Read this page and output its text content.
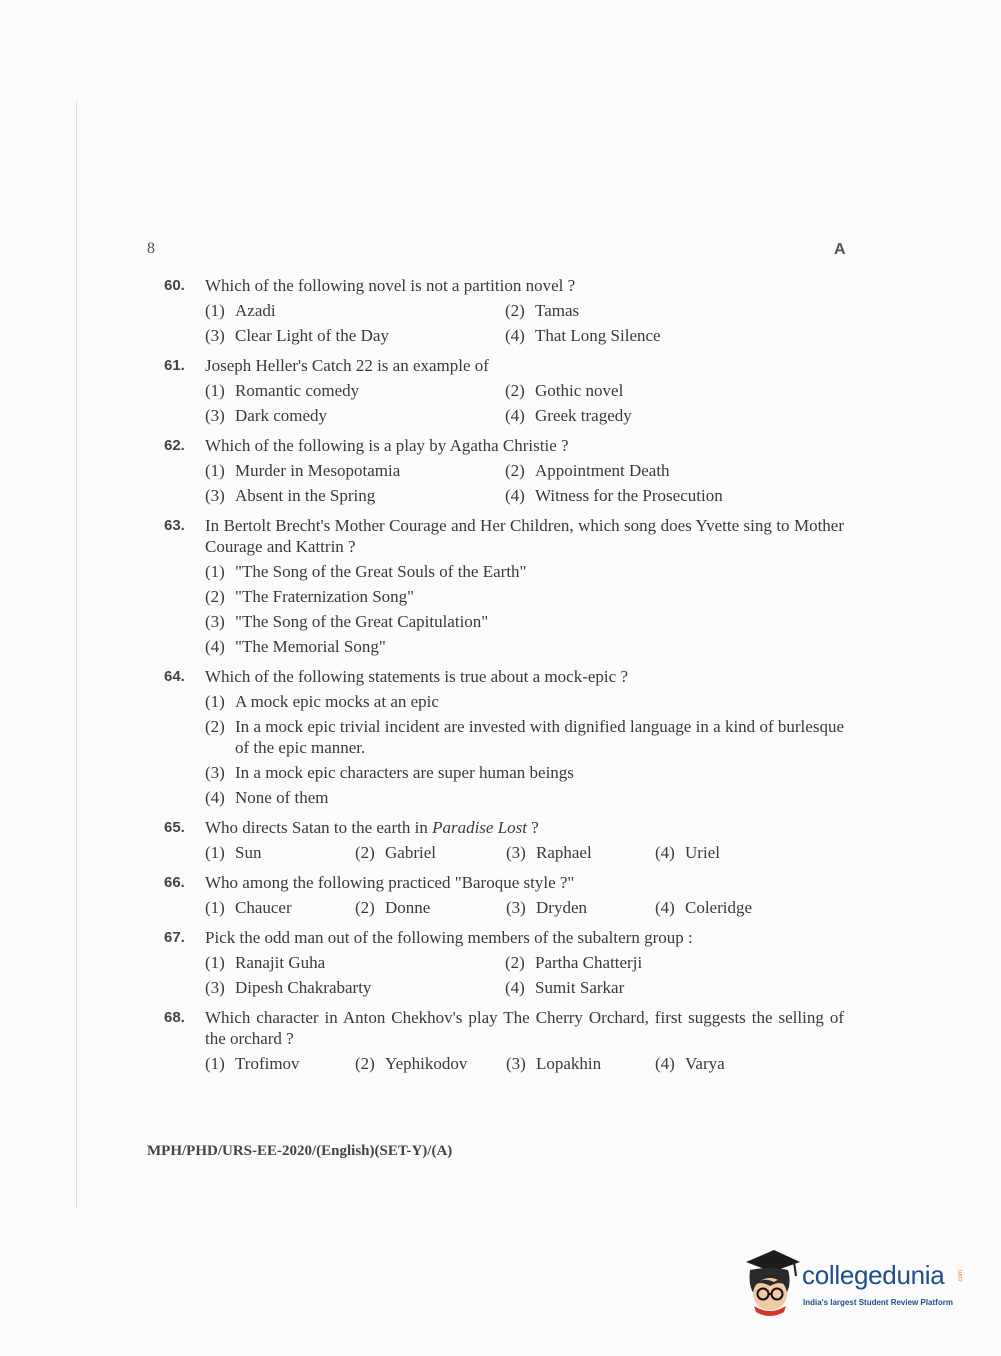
8	A
60.	Which of the following novel is not a partition novel ?
(1) Azadi	(2) Tamas
(3) Clear Light of the Day	(4) That Long Silence
61.	Joseph Heller's Catch 22 is an example of
(1) Romantic comedy	(2) Gothic novel
(3) Dark comedy	(4) Greek tragedy
62.	Which of the following is a play by Agatha Christie ?
(1) Murder in Mesopotamia	(2) Appointment Death
(3) Absent in the Spring	(4) Witness for the Prosecution
63.	In Bertolt Brecht's Mother Courage and Her Children, which song does Yvette sing to Mother Courage and Kattrin ?
(1) "The Song of the Great Souls of the Earth"
(2) "The Fraternization Song"
(3) "The Song of the Great Capitulation"
(4) "The Memorial Song"
64.	Which of the following statements is true about a mock-epic ?
(1) A mock epic mocks at an epic
(2) In a mock epic trivial incident are invested with dignified language in a kind of burlesque of the epic manner.
(3) In a mock epic characters are super human beings
(4) None of them
65.	Who directs Satan to the earth in Paradise Lost ?
(1) Sun	(2) Gabriel	(3) Raphael	(4) Uriel
66.	Who among the following practiced "Baroque style ?"
(1) Chaucer	(2) Donne	(3) Dryden	(4) Coleridge
67.	Pick the odd man out of the following members of the subaltern group :
(1) Ranajit Guha	(2) Partha Chatterji
(3) Dipesh Chakrabarty	(4) Sumit Sarkar
68.	Which character in Anton Chekhov's play The Cherry Orchard, first suggests the selling of the orchard ?
(1) Trofimov	(2) Yephikodov	(3) Lopakhin	(4) Varya
MPH/PHD/URS-EE-2020/(English)(SET-Y)/(A)
collegedunia .com
India's largest Student Review Platform
